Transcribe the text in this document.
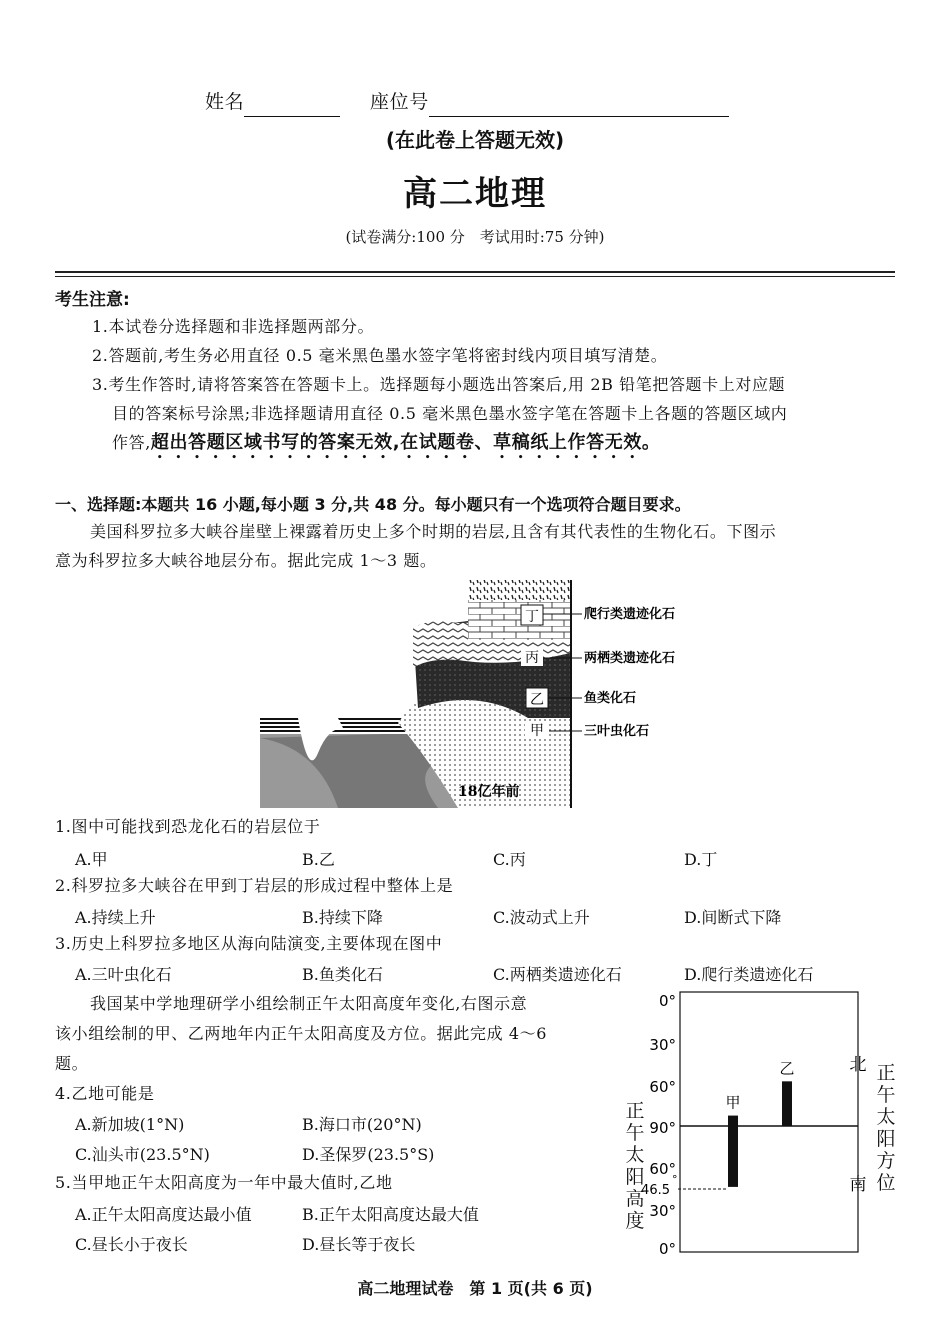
姓名	座位号
(在此卷上答题无效)
高二地理
(试卷满分:100 分　考试用时:75 分钟)
考生注意:
1.本试卷分选择题和非选择题两部分。
2.答题前,考生务必用直径 0.5 毫米黑色墨水签字笔将密封线内项目填写清楚。
3.考生作答时,请将答案答在答题卡上。选择题每小题选出答案后,用 2B 铅笔把答题卡上对应题
目的答案标号涂黑;非选择题请用直径 0.5 毫米黑色墨水签字笔在答题卡上各题的答题区域内
作答,超出答题区域书写的答案无效,在试题卷、草稿纸上作答无效。
一、选择题:本题共 16 小题,每小题 3 分,共 48 分。每小题只有一个选项符合题目要求。
美国科罗拉多大峡谷崖壁上裸露着历史上多个时期的岩层,且含有其代表性的生物化石。下图示
意为科罗拉多大峡谷地层分布。据此完成 1～3 题。
丁
丙
乙
甲
爬行类遗迹化石
两栖类遗迹化石
鱼类化石
三叶虫化石
18亿年前
1.图中可能找到恐龙化石的岩层位于
A.甲	B.乙	C.丙	D.丁
2.科罗拉多大峡谷在甲到丁岩层的形成过程中整体上是
A.持续上升	B.持续下降	C.波动式上升	D.间断式下降
3.历史上科罗拉多地区从海向陆演变,主要体现在图中
A.三叶虫化石	B.鱼类化石	C.两栖类遗迹化石	D.爬行类遗迹化石
我国某中学地理研学小组绘制正午太阳高度年变化,右图示意
该小组绘制的甲、乙两地年内正午太阳高度及方位。据此完成 4～6
题。
4.乙地可能是
A.新加坡(1°N)	B.海口市(20°N)
C.汕头市(23.5°N)	D.圣保罗(23.5°S)
5.当甲地正午太阳高度为一年中最大值时,乙地
A.正午太阳高度达最小值	B.正午太阳高度达最大值
C.昼长小于夜长	D.昼长等于夜长
0°
30°
60°
90°
60°
30°
0°
46.5
°
甲
乙	北
南
正午太阳高度
正午太阳方位
高二地理试卷　第 1 页(共 6 页)
